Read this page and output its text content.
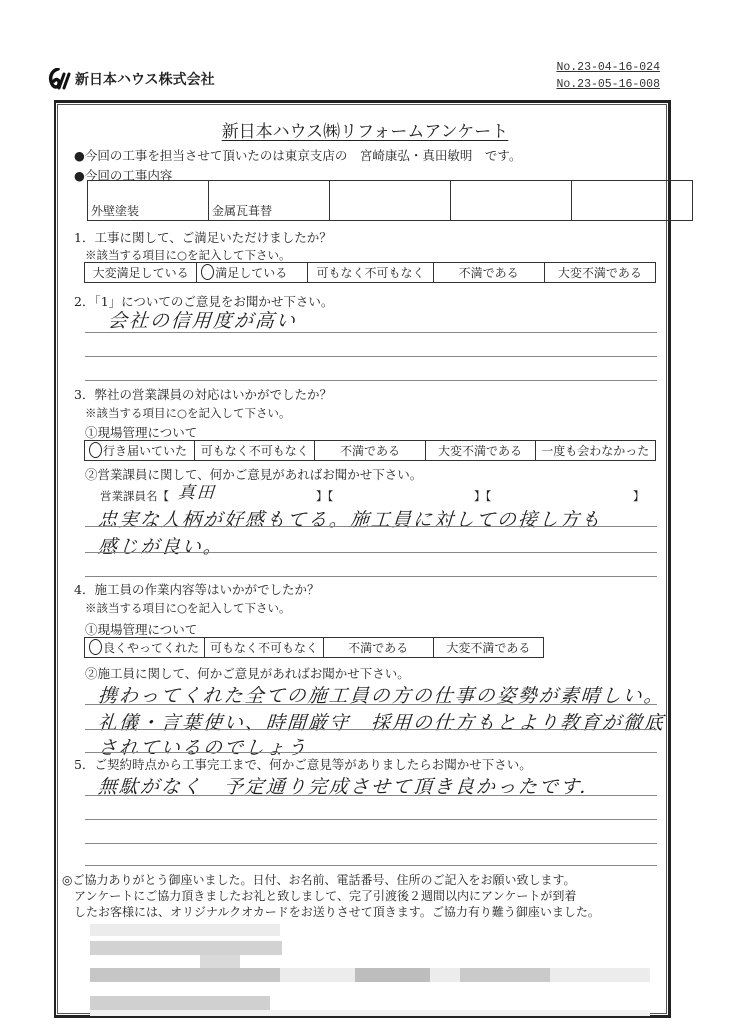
新日本ハウス株式会社
No.23-04-16-024
No.23-05-16-008
新日本ハウス㈱リフォームアンケート
●今回の工事を担当させて頂いたのは東京支店の　宮崎康弘・真田敏明　です。
●今回の工事内容
外壁塗装	金属瓦葺替			
1．工事に関して、ご満足いただけましたか？
※該当する項目に○を記入して下さい。
大変満足している	満足している	可もなく不可もなく	不満である	大変不満である
2．「1」についてのご意見をお聞かせ下さい。
会社の信用度が高い
3．弊社の営業課員の対応はいかがでしたか？
※該当する項目に○を記入して下さい。
①現場管理について
行き届いていた	可もなく不可もなく	不満である	大変不満である	一度も会わなかった
②営業課員に関して、何かご意見があればお聞かせ下さい。
営業課員名【 真田	】【	】【	】
忠実な人柄が好感もてる。施工員に対しての接し方も
感じが良い。
4．施工員の作業内容等はいかがでしたか？
※該当する項目に○を記入して下さい。
①現場管理について
良くやってくれた	可もなく不可もなく	不満である	大変不満である
②施工員に関して、何かご意見があればお聞かせ下さい。
携わってくれた全ての施工員の方の仕事の姿勢が素晴しい。
礼儀・言葉使い、時間厳守　採用の仕方もとより教育が徹底
されているのでしょう
5．ご契約時点から工事完工まで、何かご意見等がありましたらお聞かせ下さい。
無駄がなく　予定通り完成させて頂き良かったです．
◎ご協力ありがとう御座いました。日付、お名前、電話番号、住所のご記入をお願い致します。
アンケートにご協力頂きましたお礼と致しまして、完了引渡後２週間以内にアンケートが到着
したお客様には、オリジナルクオカードをお送りさせて頂きます。ご協力有り難う御座いました。
